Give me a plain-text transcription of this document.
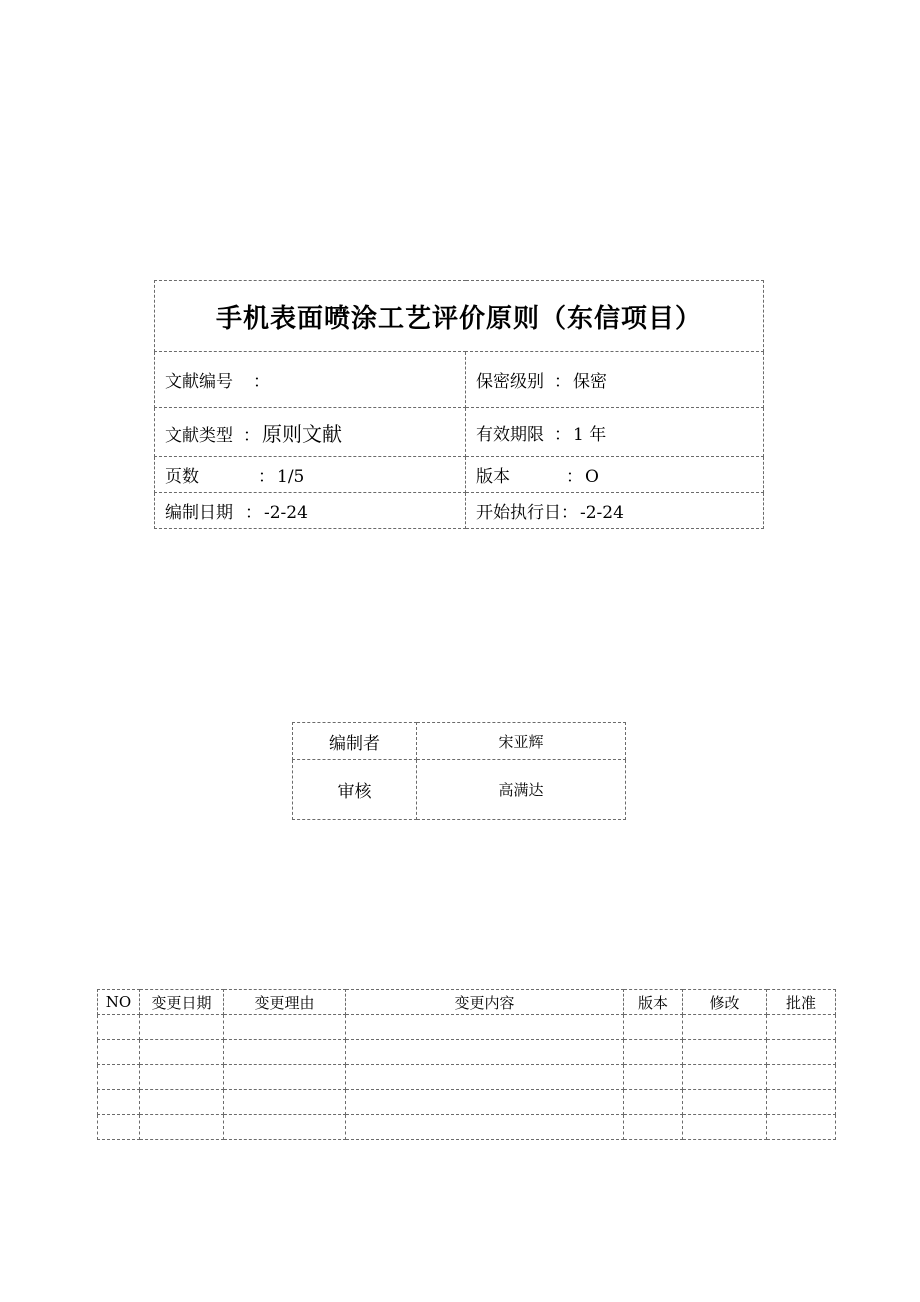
手机表面喷涂工艺评价原则（东信项目）	
文献编号 ：	保密级别 ： 保密
文献类型 ： 原则文献	有效期限 ： 1 年
页数 ： 1/5	版本 ： O
编制日期 ： -2-24	开始执行日： -2-24
编制者	宋亚辉
审核	高满达
NO	变更日期	变更理由	变更内容	版本	修改	批准
